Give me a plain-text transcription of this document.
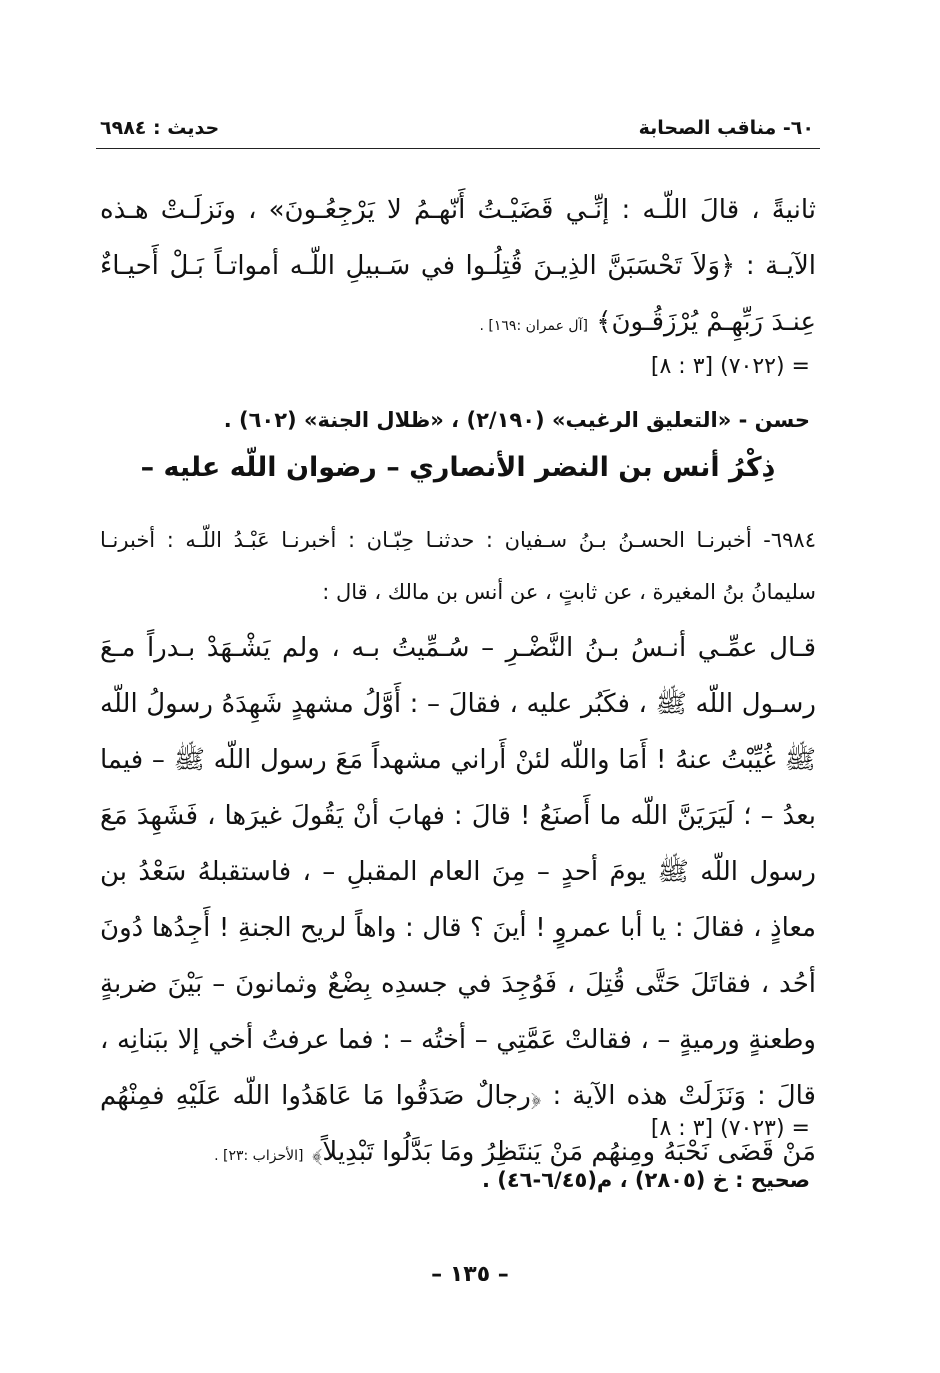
٦٠- مناقب الصحابة
حديث : ٦٩٨٤
ثانيةً ، قالَ اللّـه : إنِّـي قَضَيْـتُ أَنّهـمُ لا يَرْجِعُـونَ» ، ونَزلَـتْ هـذه الآيـة : ﴿وَلاَ تَحْسَبَنَّ الذِيـنَ قُتِلُـوا في سَـبيلِ اللّـه أمواتـاً بَـلْ أَحيـاءٌ عِنـدَ رَبِّهِـمْ يُرْزَقُـونَ﴾ [آل عمران :١٦٩] .
= (٧٠٢٢) [٣ : ٨]
حسن - «التعليق الرغيب» (٢/١٩٠) ، «ظلال الجنة» (٦٠٢) .
ذِكْرُ أنس بن النضر الأنصاري – رضوان اللّه عليه –
٦٩٨٤- أخبرنـا الحسـنُ بـنُ سـفيان : حدثنـا حِبّـان : أخبرنـا عَبْـدُ اللّـه : أخبرنـا سليمانُ بنُ المغيرة ، عن ثابتٍ ، عن أنس بن مالك ، قال :
قـال عمِّـي أنـسُ بـنُ النَّضْـرِ – سُـمِّيتُ بـه ، ولم يَشْـهَدْ بـدراً مـعَ رسـول اللّه ﷺ ، فكَبُر عليه ، فقالَ – : أَوَّلُ مشهدٍ شَهِدَهُ رسولُ اللّه ﷺ غُيِّبْتُ عنهُ ! أَمَا واللّه لئنْ أَراني مشهداً مَعَ رسول اللّه ﷺ – فيما بعدُ – ؛ لَيَرَيَنَّ اللّه ما أَصنَعُ ! قالَ : فهابَ أنْ يَقُولَ غيرَها ، فَشَهِدَ مَعَ رسول اللّه ﷺ يومَ أحدٍ – مِنَ العام المقبلِ – ، فاستقبلهُ سَعْدُ بن معاذٍ ، فقالَ : يا أبا عمروٍ ! أينَ ؟ قال : واهاً لريح الجنةِ ! أَجِدُها دُونَ أحُد ، فقاتَلَ حَتَّى قُتِلَ ، فَوُجِدَ في جسدِه بِضْعٌ وثمانونَ – بَيْنَ ضربةٍ وطعنةٍ ورميةٍ – ، فقالتْ عَمَّتِي – أختُه – : فما عرفتُ أخي إلا ببَنانِه ، قالَ : وَنَزَلَتْ هذه الآية : ﴿رجالٌ صَدَقُوا مَا عَاهَدُوا اللّه عَلَيْهِ فمِنْهُم مَنْ قَضَى نَحْبَهُ ومِنهُم مَنْ يَنتَظِرُ ومَا بَدَّلُوا تَبْدِيلاً﴾ [الأحزاب :٢٣] .
= (٧٠٢٣) [٣ : ٨]
صحيح : خ (٢٨٠٥) ، م(٦/٤٥-٤٦) .
– ١٣٥ –
